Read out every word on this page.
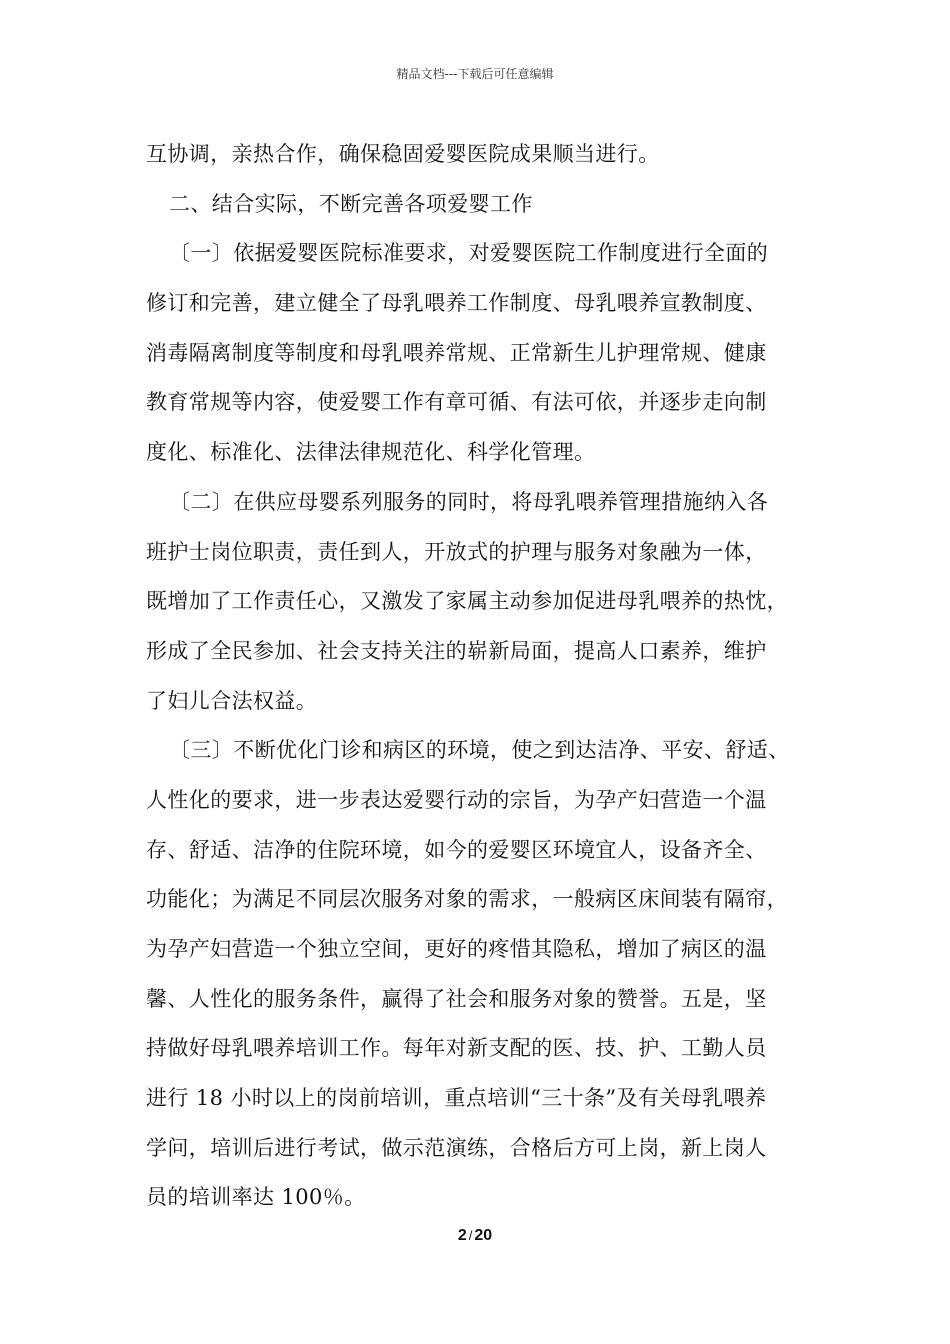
精品文档---下载后可任意编辑
互协调，亲热合作，确保稳固爱婴医院成果顺当进行。
二、结合实际，不断完善各项爱婴工作
〔一〕依据爱婴医院标准要求，对爱婴医院工作制度进行全面的
修订和完善，建立健全了母乳喂养工作制度、母乳喂养宣教制度、
消毒隔离制度等制度和母乳喂养常规、正常新生儿护理常规、健康
教育常规等内容，使爱婴工作有章可循、有法可依，并逐步走向制
度化、标准化、法律法律规范化、科学化管理。
〔二〕在供应母婴系列服务的同时，将母乳喂养管理措施纳入各
班护士岗位职责，责任到人，开放式的护理与服务对象融为一体，
既增加了工作责任心，又激发了家属主动参加促进母乳喂养的热忱，
形成了全民参加、社会支持关注的崭新局面，提高人口素养，维护
了妇儿合法权益。
〔三〕不断优化门诊和病区的环境，使之到达洁净、平安、舒适、
人性化的要求，进一步表达爱婴行动的宗旨，为孕产妇营造一个温
存、舒适、洁净的住院环境，如今的爱婴区环境宜人，设备齐全、
功能化；为满足不同层次服务对象的需求，一般病区床间装有隔帘，
为孕产妇营造一个独立空间，更好的疼惜其隐私，增加了病区的温
馨、人性化的服务条件，赢得了社会和服务对象的赞誉。五是，坚
持做好母乳喂养培训工作。每年对新支配的医、技、护、工勤人员
进行 18 小时以上的岗前培训，重点培训“三十条”及有关母乳喂养
学问，培训后进行考试，做示范演练，合格后方可上岗，新上岗人
员的培训率达 100％。
2 / 20
